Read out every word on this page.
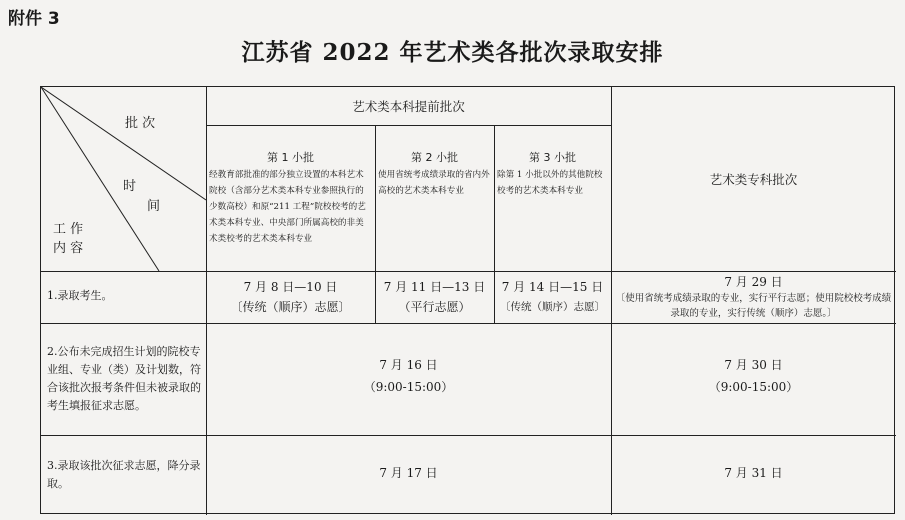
附件 3
江苏省 2022 年艺术类各批次录取安排
批 次
时
间
工 作
内 容
艺术类本科提前批次
艺术类专科批次
第 1 小批
经教育部批准的部分独立设置的本科艺术院校（含部分艺术类本科专业参照执行的少数高校）和原“211 工程”院校校考的艺术类本科专业、中央部门所属高校的非美术类校考的艺术类本科专业
第 2 小批
使用省统考成绩录取的省内外高校的艺术类本科专业
第 3 小批
除第 1 小批以外的其他院校校考的艺术类本科专业
1.录取考生。
7 月 8 日—10 日
〔传统（顺序）志愿〕
7 月 11 日—13 日
（平行志愿）
7 月 14 日—15 日
〔传统（顺序）志愿〕
7 月 29 日
〔使用省统考成绩录取的专业，实行平行志愿；使用院校校考成绩录取的专业，实行传统（顺序）志愿。〕
2.公布未完成招生计划的院校专业组、专业（类）及计划数，符合该批次报考条件但未被录取的考生填报征求志愿。
7 月 16 日
（9:00-15:00）
7 月 30 日
（9:00-15:00）
3.录取该批次征求志愿，降分录取。
7 月 17 日	7 月 31 日
